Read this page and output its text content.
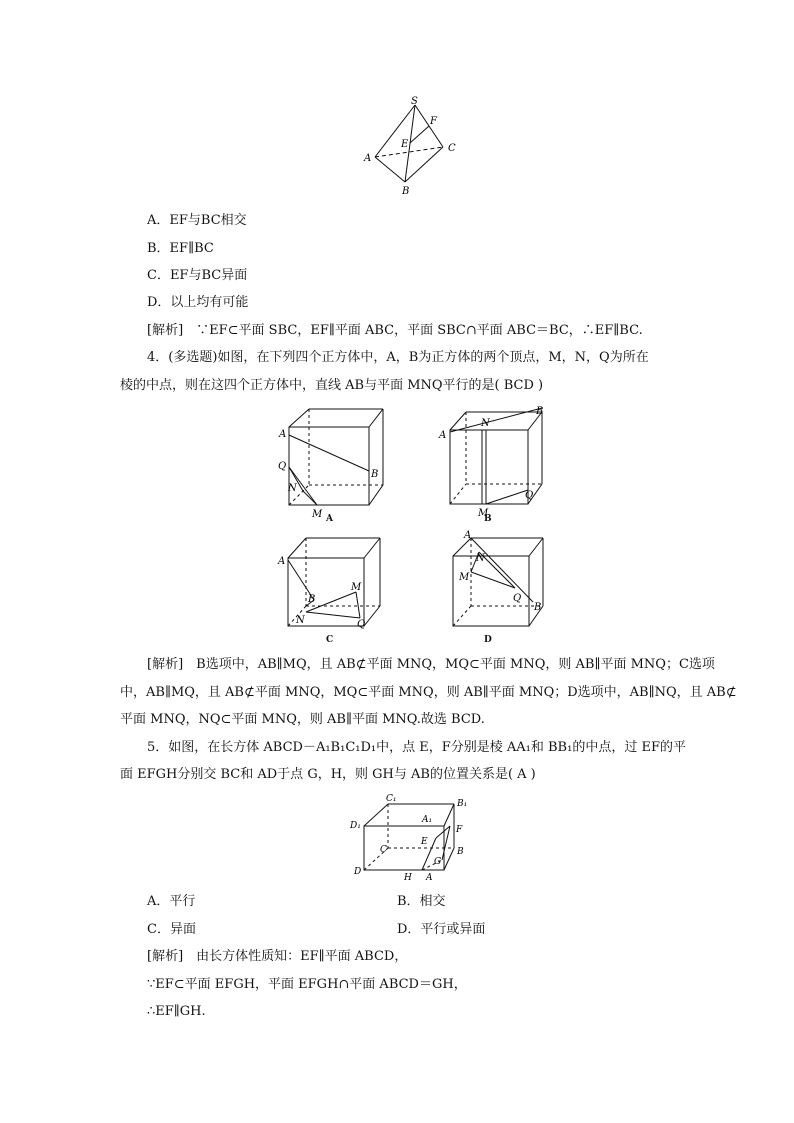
S
F
E
A
C
B
A．EF与BC相交
B．EF∥BC
C．EF与BC异面
D．以上均有可能
[解析]　∵EF⊂平面 SBC，EF∥平面 ABC，平面 SBC∩平面 ABC＝BC，∴EF∥BC.
4．(多选题)如图，在下列四个正方体中，A，B为正方体的两个顶点，M，N，Q为所在
棱的中点，则在这四个正方体中，直线 AB与平面 MNQ平行的是( BCD )
A
Q
N
B
M A
B
A
N
Q
M
B
A
B
M
N	Q
C
A
N
M
Q
B
D
[解析]　B选项中，AB∥MQ，且 AB⊄平面 MNQ，MQ⊂平面 MNQ，则 AB∥平面 MNQ；C选项
中，AB∥MQ，且 AB⊄平面 MNQ，MQ⊂平面 MNQ，则 AB∥平面 MNQ；D选项中，AB∥NQ，且 AB⊄
平面 MNQ，NQ⊂平面 MNQ，则 AB∥平面 MNQ.故选 BCD.
5．如图，在长方体 ABCD－A₁B₁C₁D₁中，点 E，F分别是棱 AA₁和 BB₁的中点，过 EF的平
面 EFGH分别交 BC和 AD于点 G，H，则 GH与 AB的位置关系是( A )
C₁	B₁
D₁
A₁
F
C
E
B
G
D
H A
A．平行	B．相交
C．异面	D．平行或异面
[解析]　由长方体性质知：EF∥平面 ABCD，
∵EF⊂平面 EFGH，平面 EFGH∩平面 ABCD＝GH，
∴EF∥GH.
